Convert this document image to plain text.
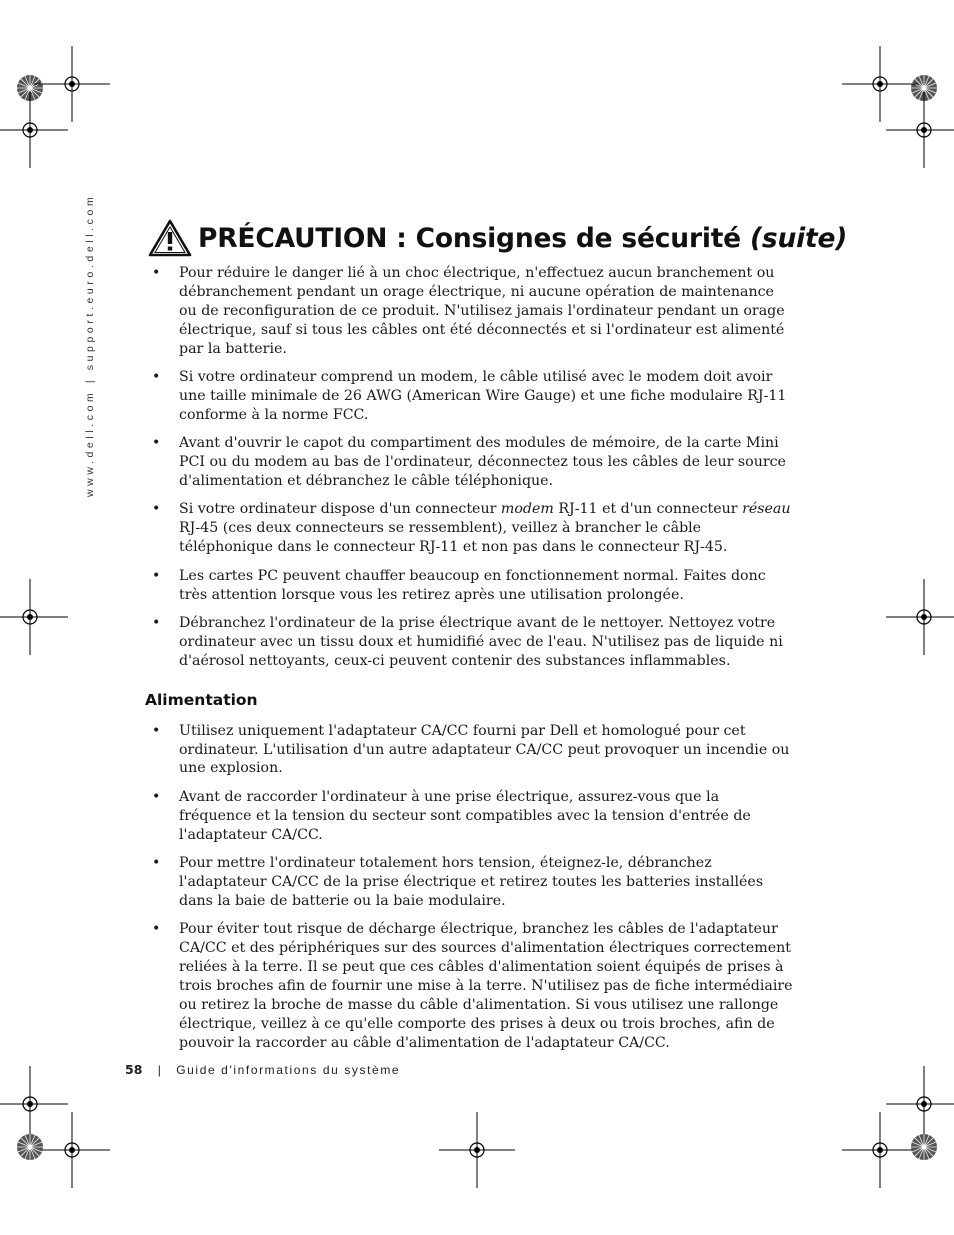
www.dell.com | support.euro.dell.com	PRÉCAUTION : Consignes de sécurité (suite)
• Pour réduire le danger lié à un choc électrique, n'effectuez aucun branchement ou débranchement pendant un orage électrique, ni aucune opération de maintenance ou de reconfiguration de ce produit. N'utilisez jamais l'ordinateur pendant un orage électrique, sauf si tous les câbles ont été déconnectés et si l'ordinateur est alimenté par la batterie.
• Si votre ordinateur comprend un modem, le câble utilisé avec le modem doit avoir une taille minimale de 26 AWG (American Wire Gauge) et une fiche modulaire RJ-11 conforme à la norme FCC.
• Avant d'ouvrir le capot du compartiment des modules de mémoire, de la carte Mini PCI ou du modem au bas de l'ordinateur, déconnectez tous les câbles de leur source d'alimentation et débranchez le câble téléphonique.
• Si votre ordinateur dispose d'un connecteur modem RJ-11 et d'un connecteur réseau RJ-45 (ces deux connecteurs se ressemblent), veillez à brancher le câble téléphonique dans le connecteur RJ-11 et non pas dans le connecteur RJ-45.
• Les cartes PC peuvent chauffer beaucoup en fonctionnement normal. Faites donc très attention lorsque vous les retirez après une utilisation prolongée.
• Débranchez l'ordinateur de la prise électrique avant de le nettoyer. Nettoyez votre ordinateur avec un tissu doux et humidifié avec de l'eau. N'utilisez pas de liquide ni d'aérosol nettoyants, ceux-ci peuvent contenir des substances inflammables.
Alimentation
• Utilisez uniquement l'adaptateur CA/CC fourni par Dell et homologué pour cet ordinateur. L'utilisation d'un autre adaptateur CA/CC peut provoquer un incendie ou une explosion.
• Avant de raccorder l'ordinateur à une prise électrique, assurez-vous que la fréquence et la tension du secteur sont compatibles avec la tension d'entrée de l'adaptateur CA/CC.
• Pour mettre l'ordinateur totalement hors tension, éteignez-le, débranchez l'adaptateur CA/CC de la prise électrique et retirez toutes les batteries installées dans la baie de batterie ou la baie modulaire.
• Pour éviter tout risque de décharge électrique, branchez les câbles de l'adaptateur CA/CC et des périphériques sur des sources d'alimentation électriques correctement reliées à la terre. Il se peut que ces câbles d'alimentation soient équipés de prises à trois broches afin de fournir une mise à la terre. N'utilisez pas de fiche intermédiaire ou retirez la broche de masse du câble d'alimentation. Si vous utilisez une rallonge électrique, veillez à ce qu'elle comporte des prises à deux ou trois broches, afin de pouvoir la raccorder au câble d'alimentation de l'adaptateur CA/CC.
58 | Guide d'informations du système
